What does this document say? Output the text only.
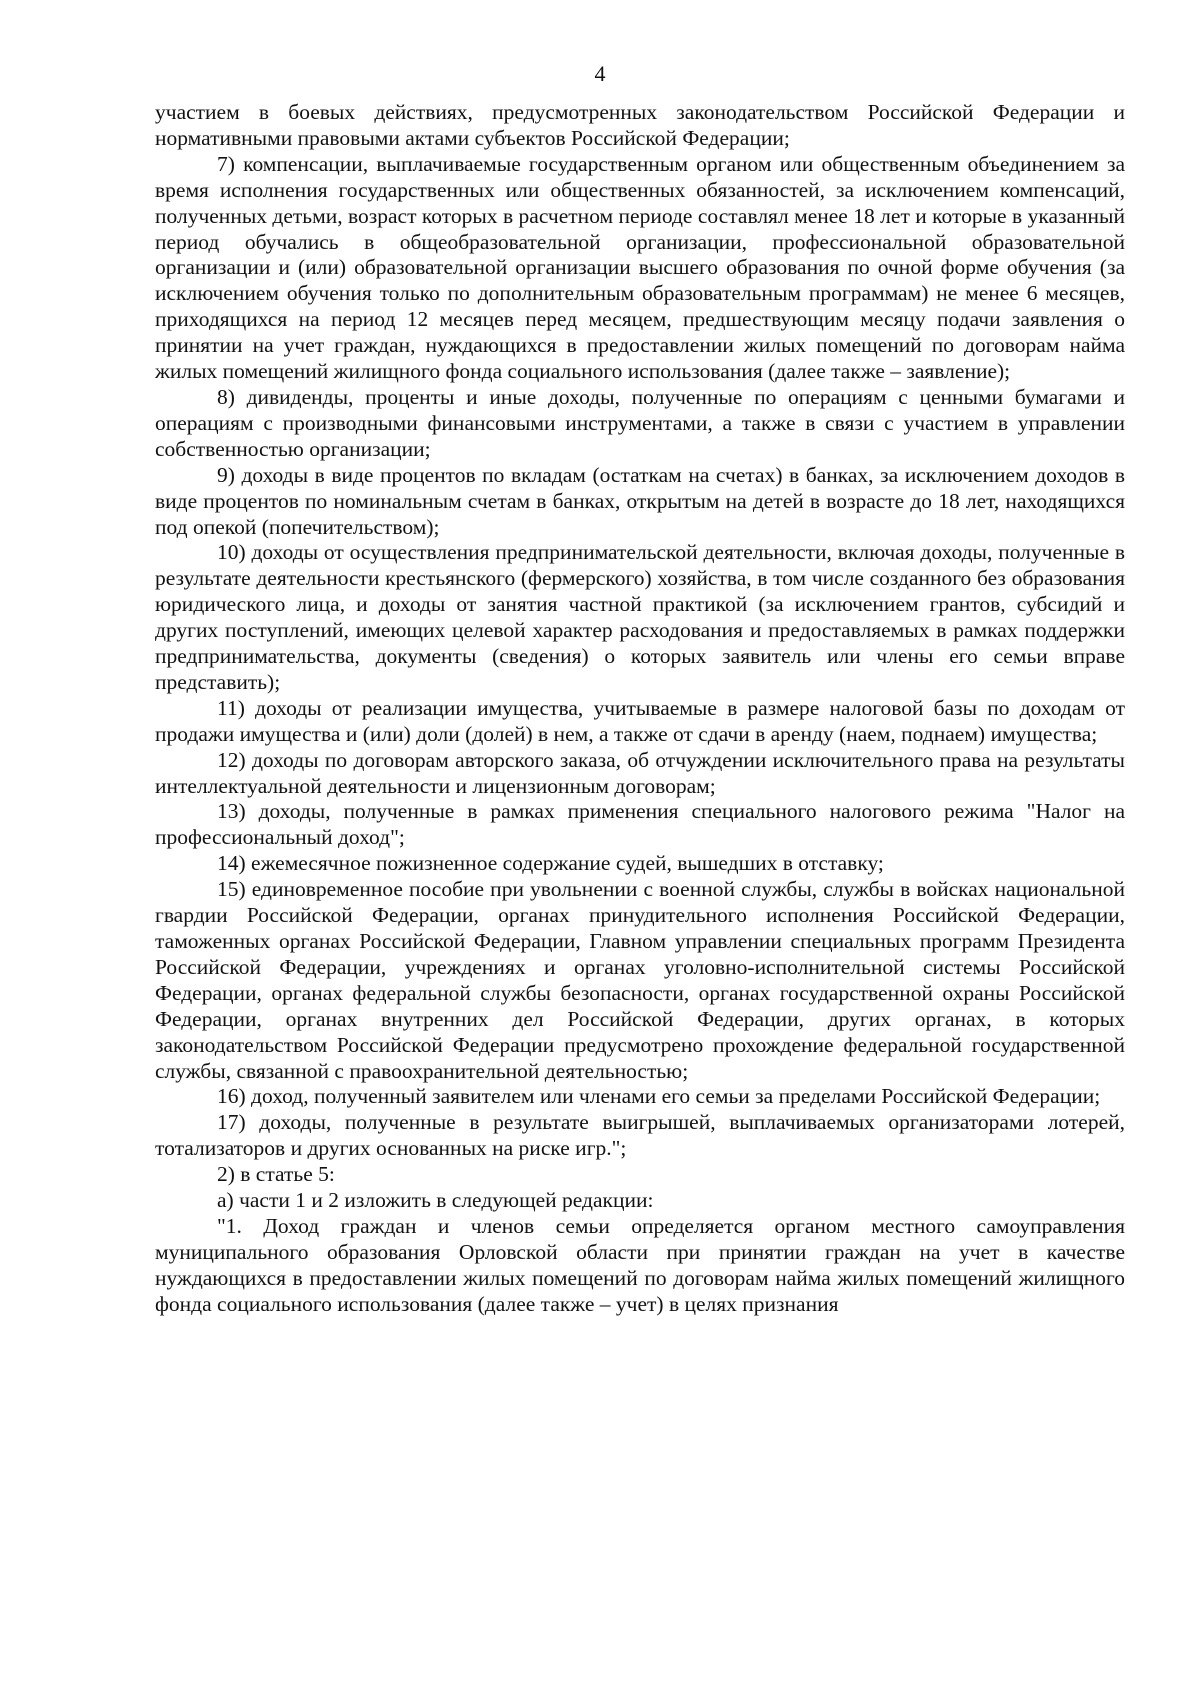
4

участием в боевых действиях, предусмотренных законодательством Российской Федерации и нормативными правовыми актами субъектов Российской Федерации;

7) компенсации, выплачиваемые государственным органом или общественным объединением за время исполнения государственных или общественных обязанностей, за исключением компенсаций, полученных детьми, возраст которых в расчетном периоде составлял менее 18 лет и которые в указанный период обучались в общеобразовательной организации, профессиональной образовательной организации и (или) образовательной организации высшего образования по очной форме обучения (за исключением обучения только по дополнительным образовательным программам) не менее 6 месяцев, приходящихся на период 12 месяцев перед месяцем, предшествующим месяцу подачи заявления о принятии на учет граждан, нуждающихся в предоставлении жилых помещений по договорам найма жилых помещений жилищного фонда социального использования (далее также – заявление);

8) дивиденды, проценты и иные доходы, полученные по операциям с ценными бумагами и операциям с производными финансовыми инструментами, а также в связи с участием в управлении собственностью организации;

9) доходы в виде процентов по вкладам (остаткам на счетах) в банках, за исключением доходов в виде процентов по номинальным счетам в банках, открытым на детей в возрасте до 18 лет, находящихся под опекой (попечительством);

10) доходы от осуществления предпринимательской деятельности, включая доходы, полученные в результате деятельности крестьянского (фермерского) хозяйства, в том числе созданного без образования юридического лица, и доходы от занятия частной практикой (за исключением грантов, субсидий и других поступлений, имеющих целевой характер расходования и предоставляемых в рамках поддержки предпринимательства, документы (сведения) о которых заявитель или члены его семьи вправе представить);

11) доходы от реализации имущества, учитываемые в размере налоговой базы по доходам от продажи имущества и (или) доли (долей) в нем, а также от сдачи в аренду (наем, поднаем) имущества;

12) доходы по договорам авторского заказа, об отчуждении исключительного права на результаты интеллектуальной деятельности и лицензионным договорам;

13) доходы, полученные в рамках применения специального налогового режима "Налог на профессиональный доход";

14) ежемесячное пожизненное содержание судей, вышедших в отставку;

15) единовременное пособие при увольнении с военной службы, службы в войсках национальной гвардии Российской Федерации, органах принудительного исполнения Российской Федерации, таможенных органах Российской Федерации, Главном управлении специальных программ Президента Российской Федерации, учреждениях и органах уголовно-исполнительной системы Российской Федерации, органах федеральной службы безопасности, органах государственной охраны Российской Федерации, органах внутренних дел Российской Федерации, других органах, в которых законодательством Российской Федерации предусмотрено прохождение федеральной государственной службы, связанной с правоохранительной деятельностью;

16) доход, полученный заявителем или членами его семьи за пределами Российской Федерации;

17) доходы, полученные в результате выигрышей, выплачиваемых организаторами лотерей, тотализаторов и других основанных на риске игр.";

2) в статье 5:

а) части 1 и 2 изложить в следующей редакции:

"1. Доход граждан и членов семьи определяется органом местного самоуправления муниципального образования Орловской области при принятии граждан на учет в качестве нуждающихся в предоставлении жилых помещений по договорам найма жилых помещений жилищного фонда социального использования (далее также – учет) в целях признания
